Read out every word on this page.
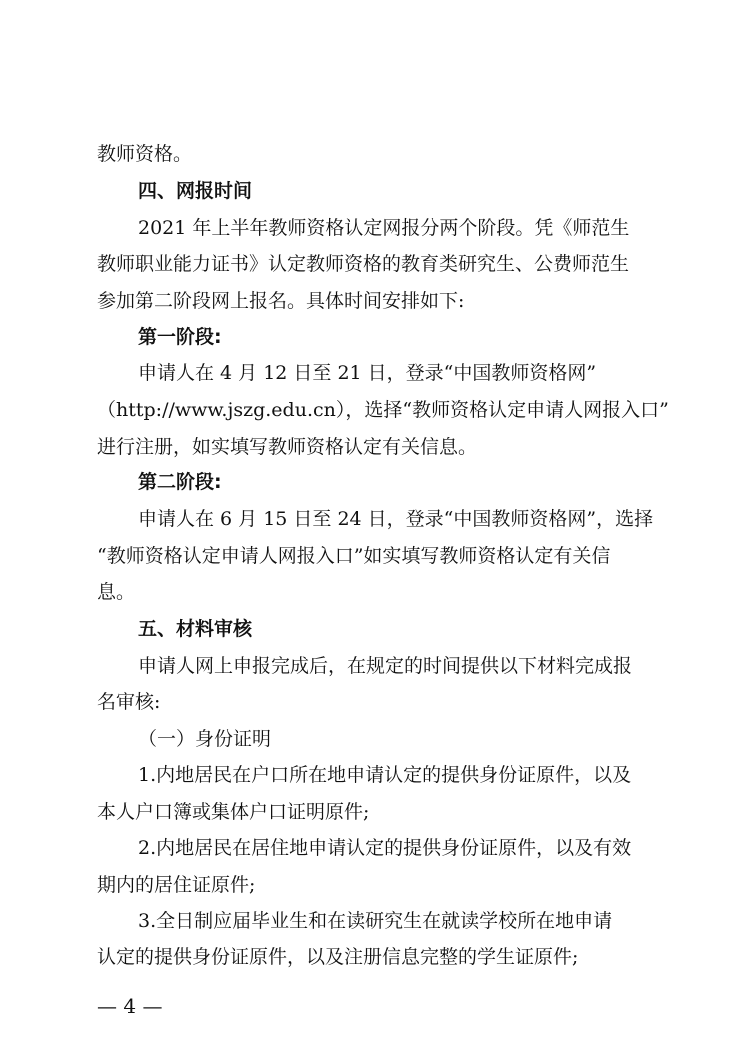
教师资格。
四、网报时间
2021 年上半年教师资格认定网报分两个阶段。凭《师范生
教师职业能力证书》认定教师资格的教育类研究生、公费师范生
参加第二阶段网上报名。具体时间安排如下:
第一阶段:
申请人在 4 月 12 日至 21 日，登录“中国教师资格网”
（http://www.jszg.edu.cn），选择“教师资格认定申请人网报入口”
进行注册，如实填写教师资格认定有关信息。
第二阶段:
申请人在 6 月 15 日至 24 日，登录“中国教师资格网”，选择
“教师资格认定申请人网报入口”如实填写教师资格认定有关信
息。
五、材料审核
申请人网上申报完成后，在规定的时间提供以下材料完成报
名审核:
（一）身份证明
1.内地居民在户口所在地申请认定的提供身份证原件，以及
本人户口簿或集体户口证明原件;
2.内地居民在居住地申请认定的提供身份证原件，以及有效
期内的居住证原件;
3.全日制应届毕业生和在读研究生在就读学校所在地申请
认定的提供身份证原件，以及注册信息完整的学生证原件;
— 4 —
